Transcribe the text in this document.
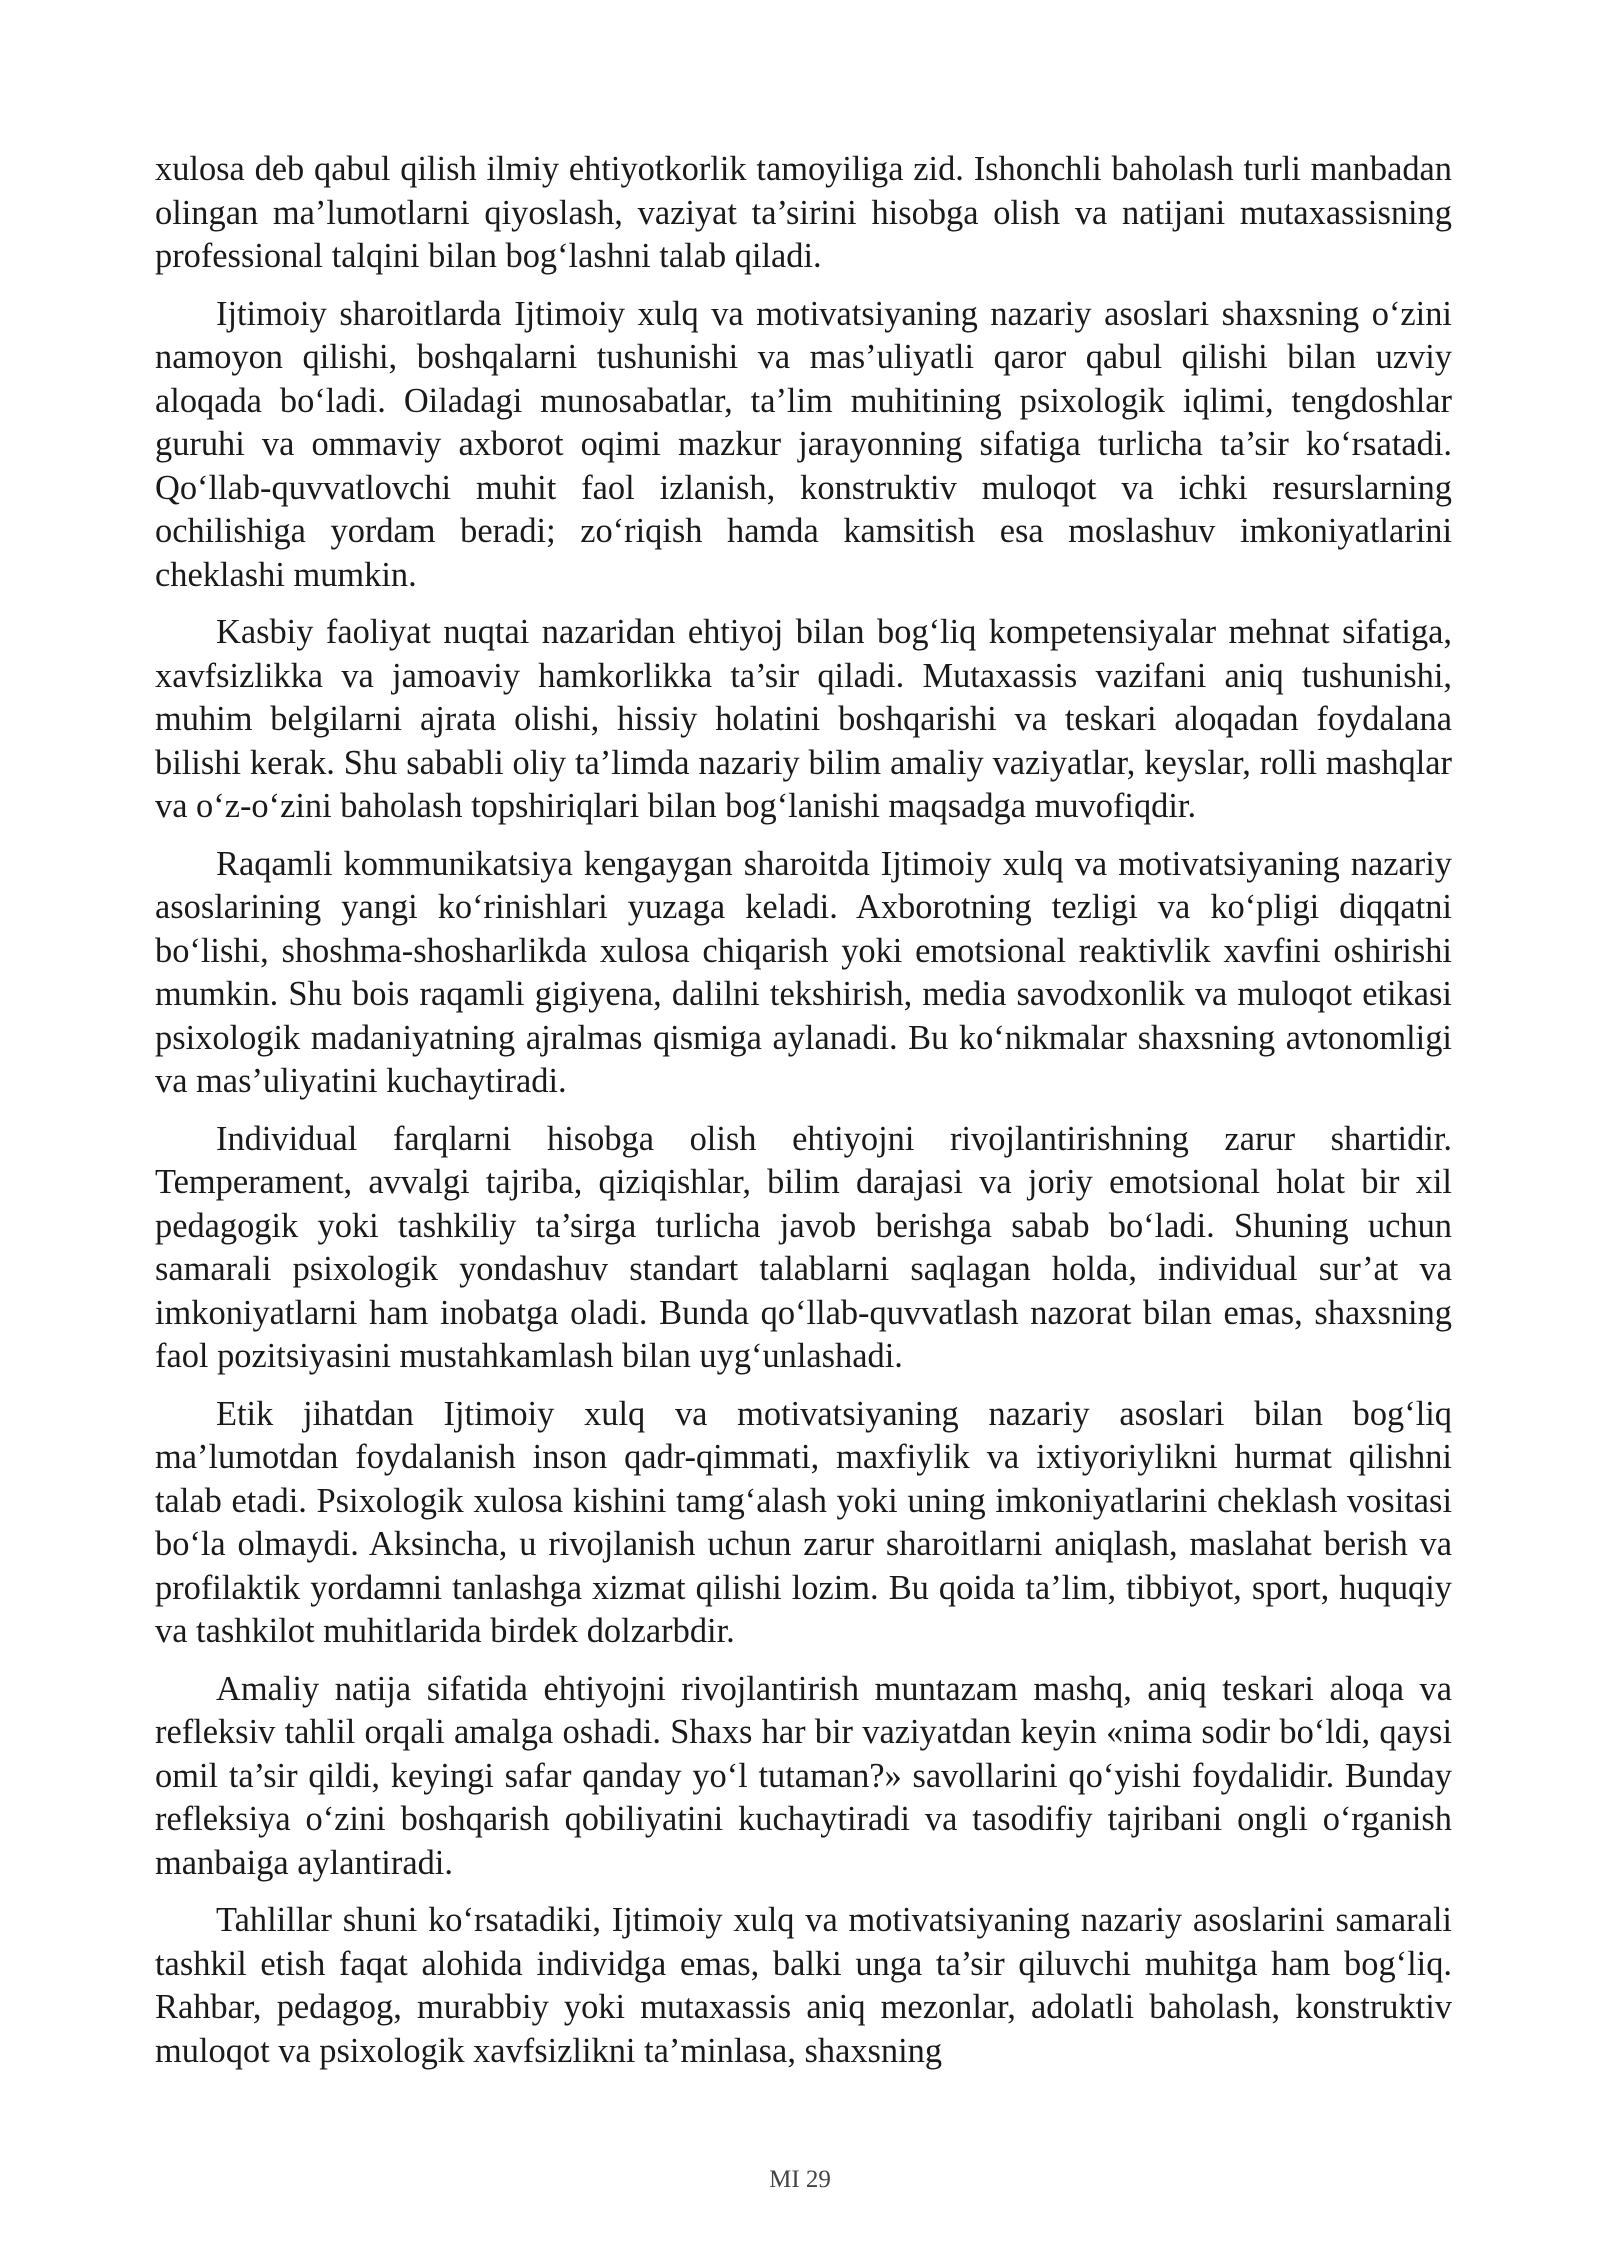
xulosa deb qabul qilish ilmiy ehtiyotkorlik tamoyiliga zid. Ishonchli baholash turli manbadan olingan ma’lumotlarni qiyoslash, vaziyat ta’sirini hisobga olish va natijani mutaxassisning professional talqini bilan bog‘lashni talab qiladi.

Ijtimoiy sharoitlarda Ijtimoiy xulq va motivatsiyaning nazariy asoslari shaxsning o‘zini namoyon qilishi, boshqalarni tushunishi va mas’uliyatli qaror qabul qilishi bilan uzviy aloqada bo‘ladi. Oiladagi munosabatlar, ta’lim muhitining psixologik iqlimi, tengdoshlar guruhi va ommaviy axborot oqimi mazkur jarayonning sifatiga turlicha ta’sir ko‘rsatadi. Qo‘llab-quvvatlovchi muhit faol izlanish, konstruktiv muloqot va ichki resurslarning ochilishiga yordam beradi; zo‘riqish hamda kamsitish esa moslashuv imkoniyatlarini cheklashi mumkin.

Kasbiy faoliyat nuqtai nazaridan ehtiyoj bilan bog‘liq kompetensiyalar mehnat sifatiga, xavfsizlikka va jamoaviy hamkorlikka ta’sir qiladi. Mutaxassis vazifani aniq tushunishi, muhim belgilarni ajrata olishi, hissiy holatini boshqarishi va teskari aloqadan foydalana bilishi kerak. Shu sababli oliy ta’limda nazariy bilim amaliy vaziyatlar, keyslar, rolli mashqlar va o‘z-o‘zini baholash topshiriqlari bilan bog‘lanishi maqsadga muvofiqdir.

Raqamli kommunikatsiya kengaygan sharoitda Ijtimoiy xulq va motivatsiyaning nazariy asoslarining yangi ko‘rinishlari yuzaga keladi. Axborotning tezligi va ko‘pligi diqqatni bo‘lishi, shoshma-shosharlikda xulosa chiqarish yoki emotsional reaktivlik xavfini oshirishi mumkin. Shu bois raqamli gigiyena, dalilni tekshirish, media savodxonlik va muloqot etikasi psixologik madaniyatning ajralmas qismiga aylanadi. Bu ko‘nikmalar shaxsning avtonomligi va mas’uliyatini kuchaytiradi.

Individual farqlarni hisobga olish ehtiyojni rivojlantirishning zarur shartidir. Temperament, avvalgi tajriba, qiziqishlar, bilim darajasi va joriy emotsional holat bir xil pedagogik yoki tashkiliy ta’sirga turlicha javob berishga sabab bo‘ladi. Shuning uchun samarali psixologik yondashuv standart talablarni saqlagan holda, individual sur’at va imkoniyatlarni ham inobatga oladi. Bunda qo‘llab-quvvatlash nazorat bilan emas, shaxsning faol pozitsiyasini mustahkamlash bilan uyg‘unlashadi.

Etik jihatdan Ijtimoiy xulq va motivatsiyaning nazariy asoslari bilan bog‘liq ma’lumotdan foydalanish inson qadr-qimmati, maxfiylik va ixtiyoriylikni hurmat qilishni talab etadi. Psixologik xulosa kishini tamg‘alash yoki uning imkoniyatlarini cheklash vositasi bo‘la olmaydi. Aksincha, u rivojlanish uchun zarur sharoitlarni aniqlash, maslahat berish va profilaktik yordamni tanlashga xizmat qilishi lozim. Bu qoida ta’lim, tibbiyot, sport, huquqiy va tashkilot muhitlarida birdek dolzarbdir.

Amaliy natija sifatida ehtiyojni rivojlantirish muntazam mashq, aniq teskari aloqa va refleksiv tahlil orqali amalga oshadi. Shaxs har bir vaziyatdan keyin «nima sodir bo‘ldi, qaysi omil ta’sir qildi, keyingi safar qanday yo‘l tutaman?» savollarini qo‘yishi foydalidir. Bunday refleksiya o‘zini boshqarish qobiliyatini kuchaytiradi va tasodifiy tajribani ongli o‘rganish manbaiga aylantiradi.

Tahlillar shuni ko‘rsatadiki, Ijtimoiy xulq va motivatsiyaning nazariy asoslarini samarali tashkil etish faqat alohida individga emas, balki unga ta’sir qiluvchi muhitga ham bog‘liq. Rahbar, pedagog, murabbiy yoki mutaxassis aniq mezonlar, adolatli baholash, konstruktiv muloqot va psixologik xavfsizlikni ta’minlasa, shaxsning

MI 29
